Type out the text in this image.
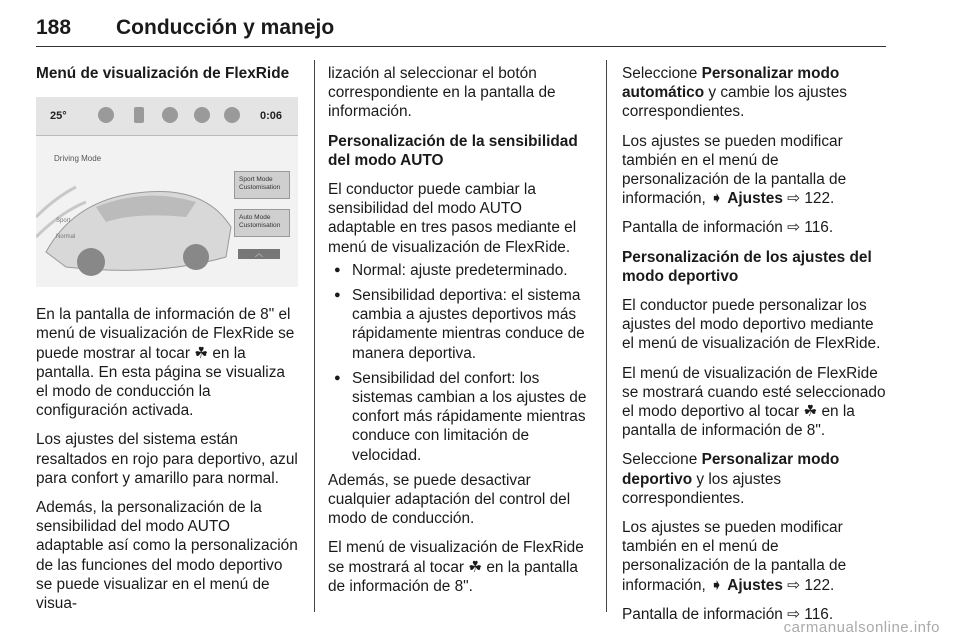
188 Conducción y manejo

Menú de visualización de FlexRide

25°	0:06
Driving Mode
Sport
Normal
Sport Mode Customisation
Auto Mode Customisation
︿

En la pantalla de información de 8" el menú de visualización de FlexRide se puede mostrar al tocar ☘ en la pantalla. En esta página se visualiza el modo de conducción la configuración activada.

Los ajustes del sistema están resaltados en rojo para deportivo, azul para confort y amarillo para normal.

Además, la personalización de la sensibilidad del modo AUTO adaptable así como la personalización de las funciones del modo deportivo se puede visualizar en el menú de visua-

lización al seleccionar el botón correspondiente en la pantalla de información.

Personalización de la sensibilidad del modo AUTO

El conductor puede cambiar la sensibilidad del modo AUTO adaptable en tres pasos mediante el menú de visualización de FlexRide.

● Normal: ajuste predeterminado.
● Sensibilidad deportiva: el sistema cambia a ajustes deportivos más rápidamente mientras conduce de manera deportiva.
● Sensibilidad del confort: los sistemas cambian a los ajustes de confort más rápidamente mientras conduce con limitación de velocidad.

Además, se puede desactivar cualquier adaptación del control del modo de conducción.

El menú de visualización de FlexRide se mostrará al tocar ☘ en la pantalla de información de 8".

Seleccione Personalizar modo automático y cambie los ajustes correspondientes.

Los ajustes se pueden modificar también en el menú de personalización de la pantalla de información, ➧ Ajustes ⇨ 122.

Pantalla de información ⇨ 116.

Personalización de los ajustes del modo deportivo

El conductor puede personalizar los ajustes del modo deportivo mediante el menú de visualización de FlexRide.

El menú de visualización de FlexRide se mostrará cuando esté seleccionado el modo deportivo al tocar ☘ en la pantalla de información de 8".

Seleccione Personalizar modo deportivo y los ajustes correspondientes.

Los ajustes se pueden modificar también en el menú de personalización de la pantalla de información, ➧ Ajustes ⇨ 122.

Pantalla de información ⇨ 116.

carmanualsonline.info
